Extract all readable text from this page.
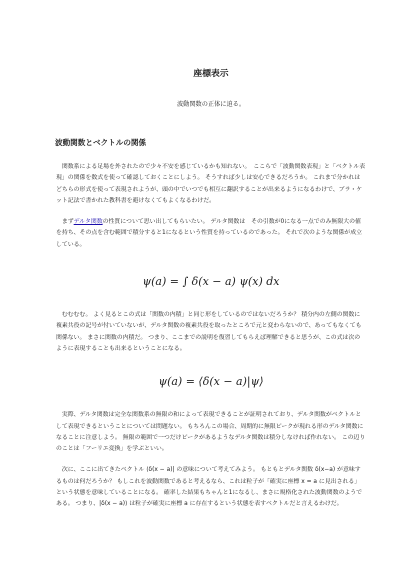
座標表示

波動関数の正体に迫る。

波動関数とベクトルの関係

関数系による足場を外されたので少々不安を感じているかも知れない。　ここらで「波動関数表現」と「ベクトル表現」の関係を数式を使って確認しておくことにしよう。 そうすれば少しは安心できるだろうか。 これまで分かれはどちらの形式を使って表現されようが、頭の中でいつでも相互に翻訳することが出来るようになるわけで、ブラ・ケット記法で書かれた教科書を避けなくてもよくなるわけだ。

まずデルタ関数の性質について思い出してもらいたい。 デルタ関数は　その引数が0になる一点でのみ無限大の値を持ち、その点を含む範囲で積分すると1になるという性質を持っているのであった。 それで次のような関係が成立している。

ψ(a) = ∫ δ(x − a) ψ(x) dx

むむむむ。 よく見るとこの式は「関数の内積」と同じ形をしているのではないだろうか？ 積分内の左側の関数に複素共役の記号が付いていないが、デルタ関数の複素共役を取ったところで元と変わらないので、あってもなくても関係ない。 まさに関数の内積だ。 つまり、ここまでの説明を復習してもらえば理解できると思うが、この式は次のように表現することも出来るということになる。

ψ(a) = ⟨δ(x − a)|ψ⟩

実際、デルタ関数は完全な関数系の無限の和によって表現できることが証明されており、デルタ関数がベクトルとして表現できるということについては問題ない。 もちろんこの場合、周期的に無限ピークが現れる形のデルタ関数になることに注意しよう。 無限の範囲で一つだけピークがあるようなデルタ関数は積分しなければ作れない。 この辺りのことは「フーリエ変換」を学ぶといい。

次に、ここに出てきたベクトル ⟨δ(x − a)| の意味について考えてみよう。 もともとデルタ関数 δ(x−a) が意味するものは何だろうか？ もしこれを波動関数であると考えるなら、これは粒子が「確実に座標 x = a に見出される」という状態を意味していることになる。 確率した結果もちゃんと1になるし、まさに規格化された波動関数のようである。 つまり、|δ(x − a)⟩ は粒子が確実に座標 a に存在するという状態を表すベクトルだと言えるわけだ。
